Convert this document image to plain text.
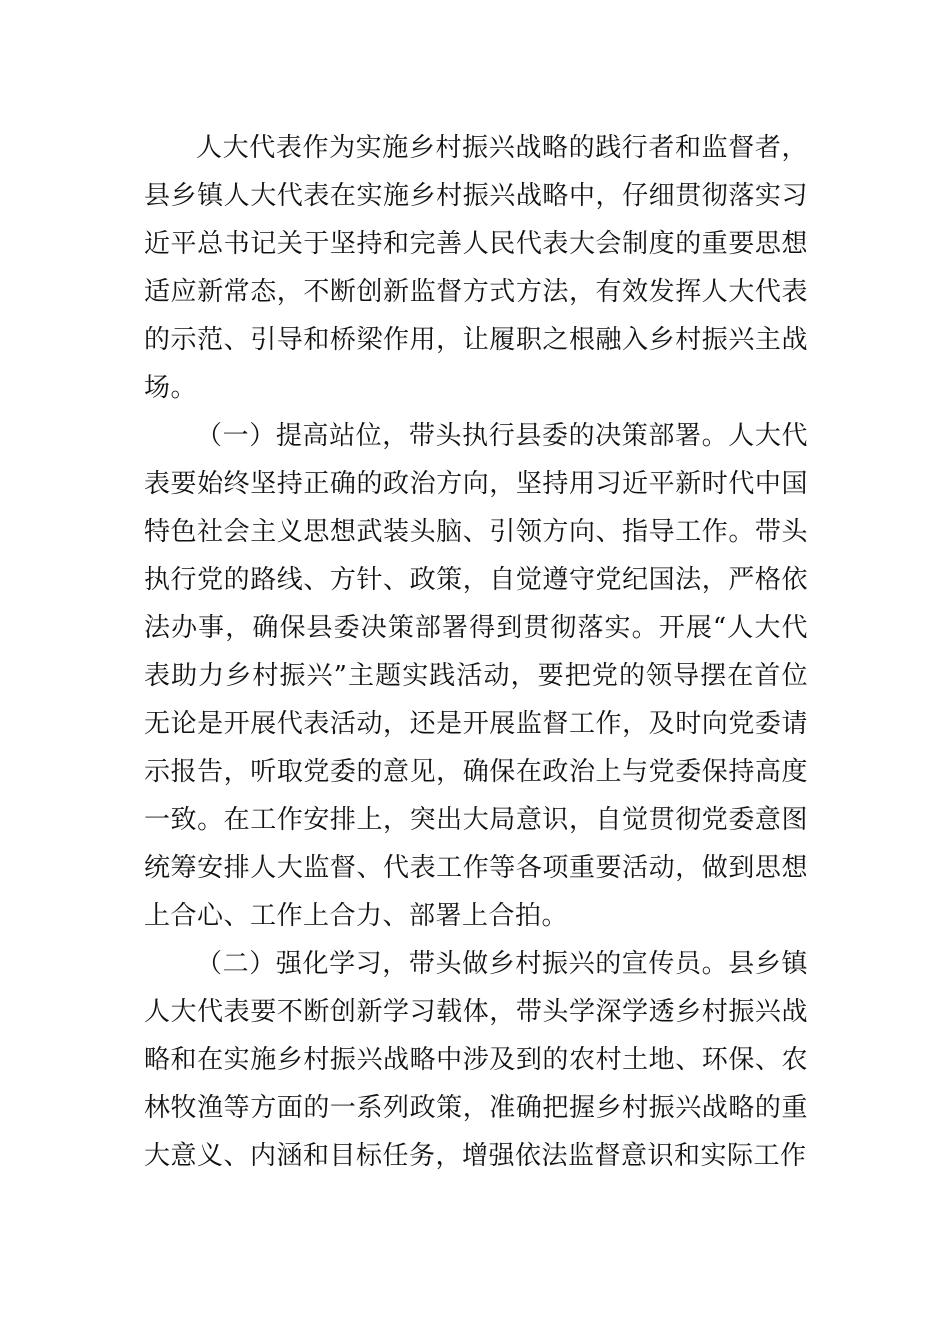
人大代表作为实施乡村振兴战略的践行者和监督者，县乡镇人大代表在实施乡村振兴战略中，仔细贯彻落实习近平总书记关于坚持和完善人民代表大会制度的重要思想适应新常态，不断创新监督方式方法，有效发挥人大代表的示范、引导和桥梁作用，让履职之根融入乡村振兴主战场。

（一）提高站位，带头执行县委的决策部署。人大代表要始终坚持正确的政治方向，坚持用习近平新时代中国特色社会主义思想武装头脑、引领方向、指导工作。带头执行党的路线、方针、政策，自觉遵守党纪国法，严格依法办事，确保县委决策部署得到贯彻落实。开展“人大代表助力乡村振兴”主题实践活动，要把党的领导摆在首位无论是开展代表活动，还是开展监督工作，及时向党委请示报告，听取党委的意见，确保在政治上与党委保持高度一致。在工作安排上，突出大局意识，自觉贯彻党委意图统筹安排人大监督、代表工作等各项重要活动，做到思想上合心、工作上合力、部署上合拍。

（二）强化学习，带头做乡村振兴的宣传员。县乡镇人大代表要不断创新学习载体，带头学深学透乡村振兴战略和在实施乡村振兴战略中涉及到的农村土地、环保、农林牧渔等方面的一系列政策，准确把握乡村振兴战略的重大意义、内涵和目标任务，增强依法监督意识和实际工作
